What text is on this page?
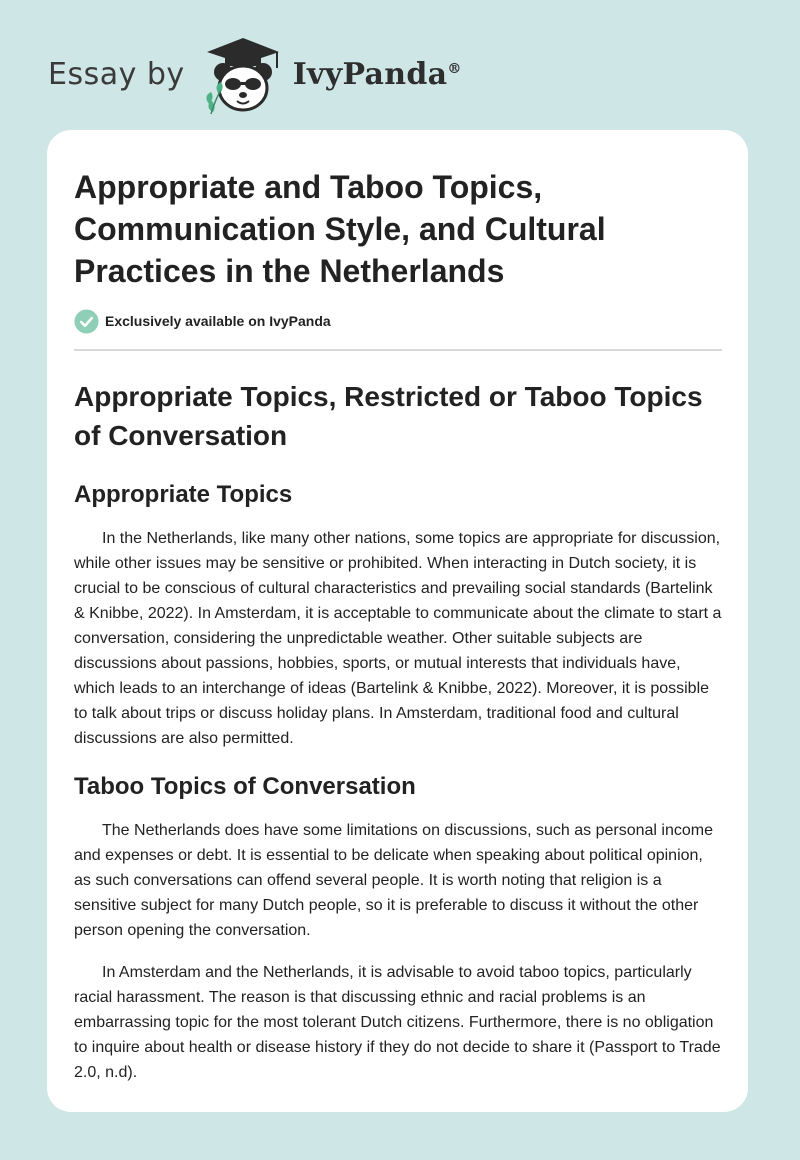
Essay by	IvyPanda®
Appropriate and Taboo Topics, Communication Style, and Cultural Practices in the Netherlands
Exclusively available on IvyPanda
Appropriate Topics, Restricted or Taboo Topics of Conversation
Appropriate Topics

In the Netherlands, like many other nations, some topics are appropriate for discussion, while other issues may be sensitive or prohibited. When interacting in Dutch society, it is crucial to be conscious of cultural characteristics and prevailing social standards (Bartelink & Knibbe, 2022). In Amsterdam, it is acceptable to communicate about the climate to start a conversation, considering the unpredictable weather. Other suitable subjects are discussions about passions, hobbies, sports, or mutual interests that individuals have, which leads to an interchange of ideas (Bartelink & Knibbe, 2022). Moreover, it is possible to talk about trips or discuss holiday plans. In Amsterdam, traditional food and cultural discussions are also permitted.

Taboo Topics of Conversation

The Netherlands does have some limitations on discussions, such as personal income and expenses or debt. It is essential to be delicate when speaking about political opinion, as such conversations can offend several people. It is worth noting that religion is a sensitive subject for many Dutch people, so it is preferable to discuss it without the other person opening the conversation.

In Amsterdam and the Netherlands, it is advisable to avoid taboo topics, particularly racial harassment. The reason is that discussing ethnic and racial problems is an embarrassing topic for the most tolerant Dutch citizens. Furthermore, there is no obligation to inquire about health or disease history if they do not decide to share it (Passport to Trade 2.0, n.d).
